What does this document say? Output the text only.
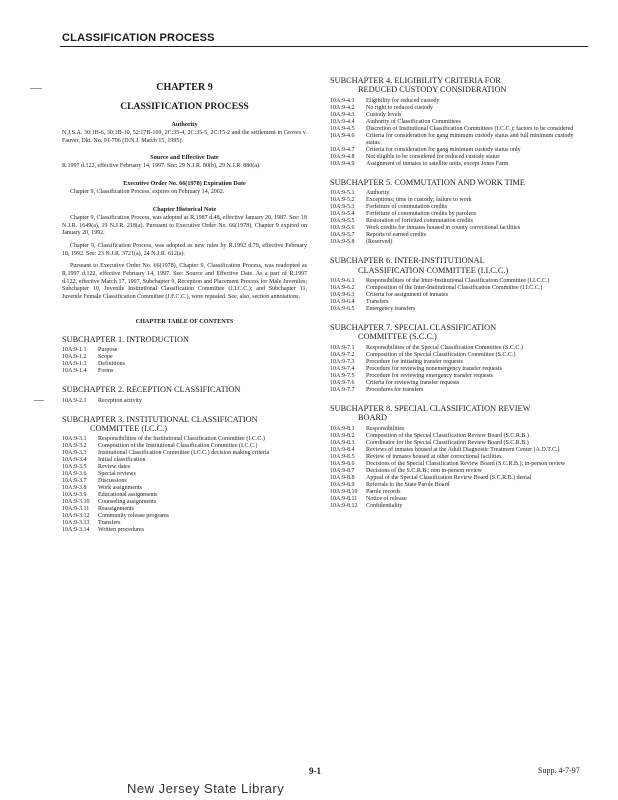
CLASSIFICATION PROCESS
CHAPTER 9
CLASSIFICATION PROCESS
Authority
N.J.S.A. 30:1B-6, 30:1B-10, 52:17B-169, 2C:35-4, 2C:35-5, 2C:15-2 and the settlement in Groves v. Fauver, Dkt. No. 91-796 (D.N.J. March 15, 1995).
Source and Effective Date
R.1997 d.122, effective February 14, 1997. See: 29 N.J.R. 80(b), 29 N.J.R. 880(a).
Executive Order No. 66(1978) Expiration Date
Chapter 9, Classification Process, expires on February 14, 2002.
Chapter Historical Note
Chapter 9, Classification Process, was adopted as R.1987 d.48, effective January 20, 1987. See: 18 N.J.R. 1649(a), 19 N.J.R. 218(a). Pursuant to Executive Order No. 66(1978), Chapter 9 expired on January 20, 1992.
Chapter 9, Classification Process, was adopted as new rules by R.1992 d.79, effective February 18, 1992. See: 23 N.J.R. 3721(a), 24 N.J.R. 612(a).
Pursuant to Executive Order No. 66(1978), Chapter 9, Classification Process, was readopted as R.1997 d.122, effective February 14, 1997. See: Source and Effective Date. As a part of R.1997 d.122, effective March 17, 1997, Subchapter 9, Reception and Placement Process for Male Juveniles; Subchapter 10, Juvenile Institutional Classification Committee (J.I.C.C.); and Subchapter 11, Juvenile Female Classification Committee (J.F.C.C.), were repealed. See, also, section annotations.
CHAPTER TABLE OF CONTENTS
SUBCHAPTER 1. INTRODUCTION
10A:9-1.1	Purpose
10A:9-1.2	Scope
10A:9-1.3	Definitions
10A:9-1.4	Forms
SUBCHAPTER 2. RECEPTION CLASSIFICATION
10A:9-2.1	Reception activity
SUBCHAPTER 3. INSTITUTIONAL CLASSIFICATION
COMMITTEE (I.C.C.)
10A:9-3.1	Responsibilities of the Institutional Classification Committee (I.C.C.)
10A:9-3.2	Composition of the Institutional Classification Committee (I.C.C.)
10A:9-3.3	Institutional Classification Committee (I.C.C.) decision making criteria
10A:9-3.4	Initial classification
10A:9-3.5	Review dates
10A:9-3.6	Special reviews
10A:9-3.7	Discussions
10A:9-3.8	Work assignments
10A:9-3.9	Educational assignments
10A:9-3.10	Counseling assignments
10A:9-3.11	Reassignments
10A:9-3.12	Community release programs
10A:9-3.13	Transfers
10A:9-3.14	Written procedures
SUBCHAPTER 4. ELIGIBILITY CRITERIA FOR
REDUCED CUSTODY CONSIDERATION
10A:9-4.1	Eligibility for reduced custody
10A:9-4.2	No right to reduced custody
10A:9-4.3	Custody levels
10A:9-4.4	Authority of Classification Committees
10A:9-4.5	Discretion of Institutional Classification Committees (I.C.C.); factors to be considered
10A:9-4.6	Criteria for consideration for gang minimum custody status and full minimum custody status
10A:9-4.7	Criteria for consideration for gang minimum custody status only
10A:9-4.8	Not eligible to be considered for reduced custody status
10A:9-4.9	Assignment of inmates to satellite units, except Jones Farm
SUBCHAPTER 5. COMMUTATION AND WORK TIME
10A:9-5.1	Authority
10A:9-5.2	Exceptions; time in custody; failure to work
10A:9-5.3	Forfeiture of commutation credits
10A:9-5.4	Forfeiture of commutation credits by parolees
10A:9-5.5	Restoration of forfeited commutation credits
10A:9-5.6	Work credits for inmates housed in county correctional facilities
10A:9-5.7	Reports of earned credits
10A:9-5.8	(Reserved)
SUBCHAPTER 6. INTER-INSTITUTIONAL
CLASSIFICATION COMMITTEE (I.I.C.C.)
10A:9-6.1	Responsibilities of the Inter-Institutional Classification Committee (I.I.C.C.)
10A:9-6.2	Composition of the Inter-Institutional Classification Committee (I.I.C.C.)
10A:9-6.3	Criteria for assignment of inmates
10A:9-6.4	Transfers
10A:9-6.5	Emergency transfers
SUBCHAPTER 7. SPECIAL CLASSIFICATION
COMMITTEE (S.C.C.)
10A:9-7.1	Responsibilities of the Special Classification Committee (S.C.C.)
10A:9-7.2	Composition of the Special Classification Committee (S.C.C.)
10A:9-7.3	Procedure for initiating transfer requests
10A:9-7.4	Procedure for reviewing nonemergency transfer requests
10A:9-7.5	Procedure for reviewing emergency transfer requests
10A:9-7.6	Criteria for reviewing transfer requests
10A:9-7.7	Procedures for transfers
SUBCHAPTER 8. SPECIAL CLASSIFICATION REVIEW
BOARD
10A:9-8.1	Responsibilities
10A:9-8.2	Composition of the Special Classification Review Board (S.C.R.B.)
10A:9-8.3	Coordinator for the Special Classification Review Board (S.C.R.B.)
10A:9-8.4	Reviews of inmates housed at the Adult Diagnostic Treatment Center (A.D.T.C.)
10A:9-8.5	Review of inmates housed at other correctional facilities
10A:9-8.6	Decisions of the Special Classification Review Board (S.C.R.B.); in-person review
10A:9-8.7	Decisions of the S.C.R.B.; non in-person review
10A:9-8.8	Appeal of the Special Classification Review Board (S.C.R.B.) denial
10A:9-8.9	Referrals to the State Parole Board
10A:9-8.10	Parole records
10A:9-8.11	Notice of release
10A:9-8.12	Confidentiality
9-1	Supp. 4-7-97
New Jersey State Library
